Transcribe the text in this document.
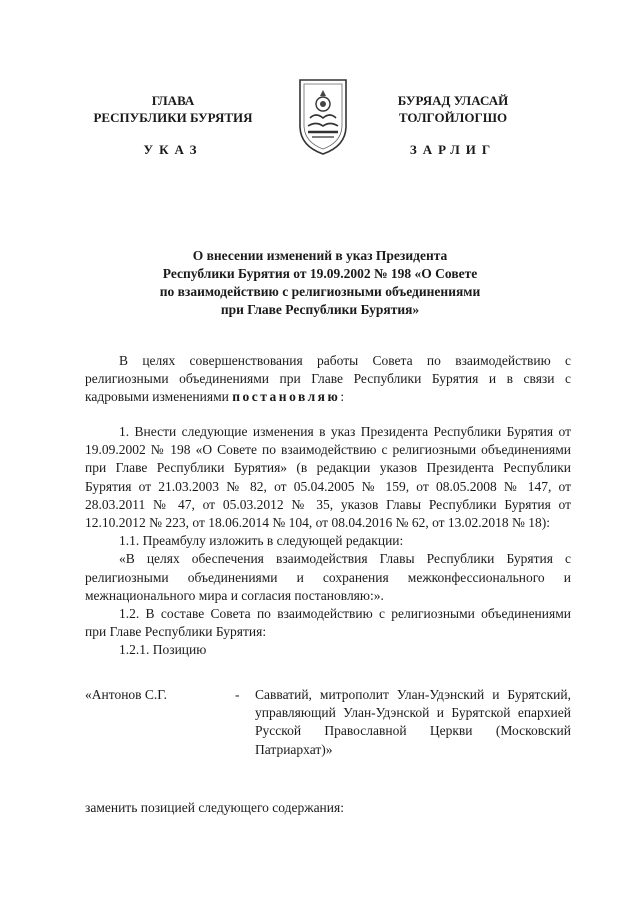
ГЛАВА
РЕСПУБЛИКИ БУРЯТИЯ
УКАЗ
БУРЯАД УЛАСАЙ
ТОЛГОЙЛОГШО
ЗАРЛИГ
О внесении изменений в указ Президента
Республики Бурятия от 19.09.2002 № 198 «О Совете
по взаимодействию с религиозными объединениями
при Главе Республики Бурятия»

В целях совершенствования работы Совета по взаимодействию с религиозными объединениями при Главе Республики Бурятия и в связи с кадровыми изменениями постановляю:

1. Внести следующие изменения в указ Президента Республики Бурятия от 19.09.2002 № 198 «О Совете по взаимодействию с религиозными объединениями при Главе Республики Бурятия» (в редакции указов Президента Республики Бурятия от 21.03.2003 № 82, от 05.04.2005 № 159, от 08.05.2008 № 147, от 28.03.2011 № 47, от 05.03.2012 № 35, указов Главы Республики Бурятия от 12.10.2012 № 223, от 18.06.2014 № 104, от 08.04.2016 № 62, от 13.02.2018 № 18):

1.1. Преамбулу изложить в следующей редакции:

«В целях обеспечения взаимодействия Главы Республики Бурятия с религиозными объединениями и сохранения межконфессионального и межнационального мира и согласия постановляю:».

1.2. В составе Совета по взаимодействию с религиозными объединениями при Главе Республики Бурятия:

1.2.1. Позицию

«Антонов С.Г.	- Савватий, митрополит Улан-Удэнский и Бурятский, управляющий Улан-Удэнской и Бурятской епархией Русской Православной Церкви (Московский Патриархат)»
заменить позицией следующего содержания:
